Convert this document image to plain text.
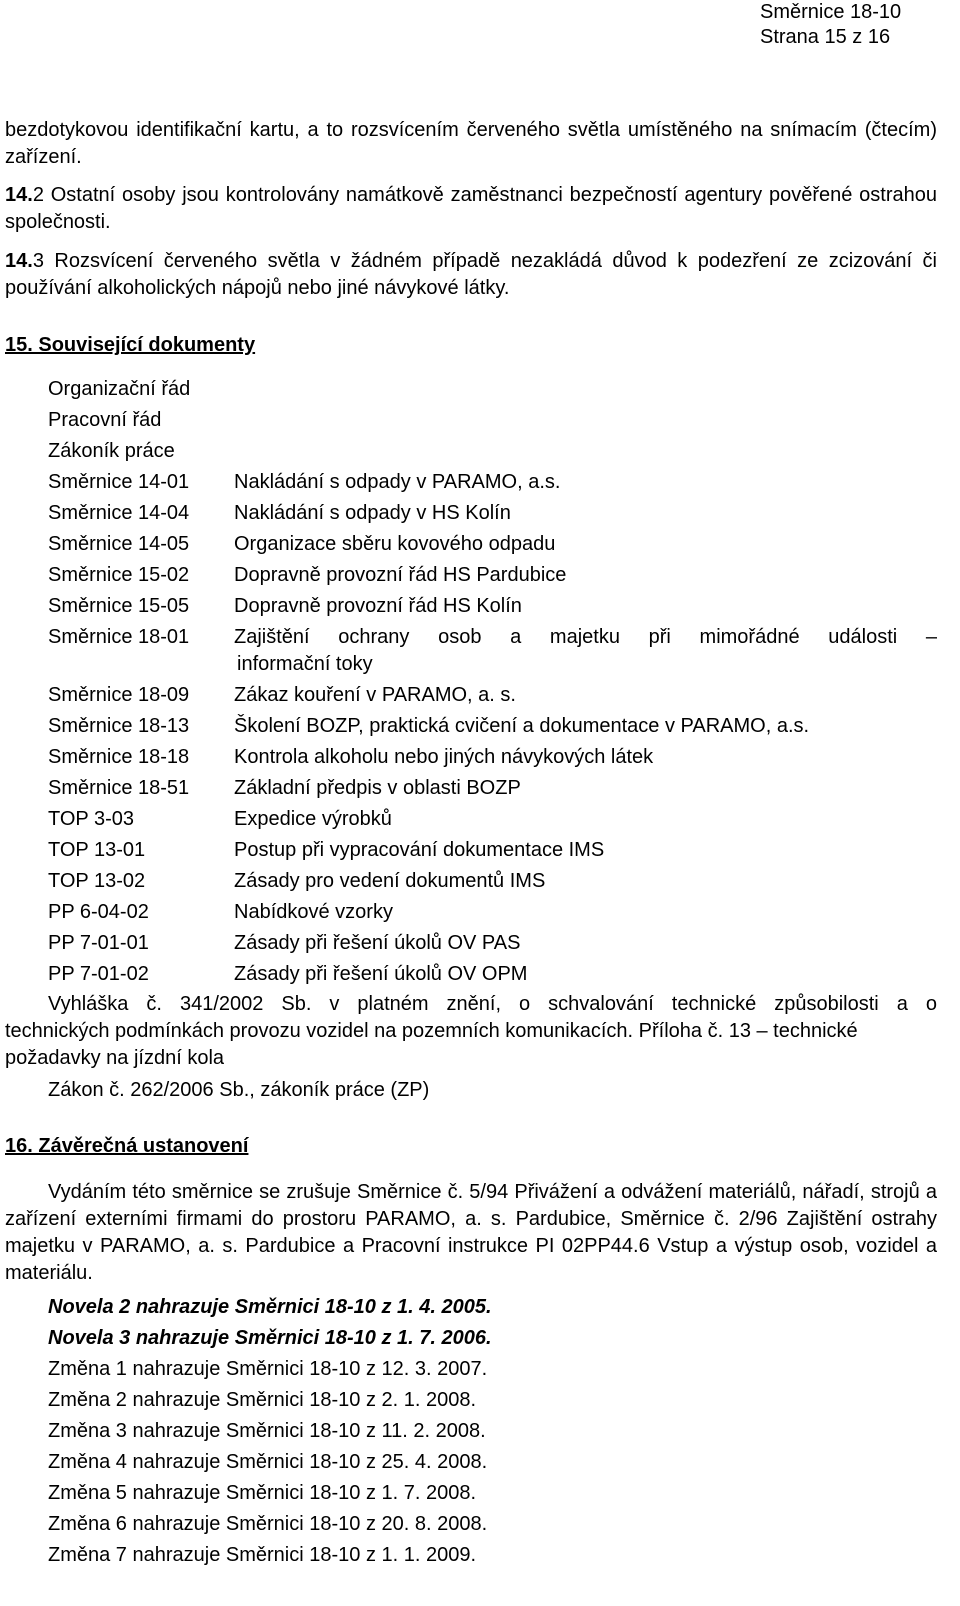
Směrnice 18-10
Strana 15 z 16

bezdotykovou identifikační kartu, a to rozsvícením červeného světla umístěného na snímacím (čtecím) zařízení.

14.2 Ostatní osoby jsou kontrolovány namátkově zaměstnanci bezpečností agentury pověřené ostrahou společnosti.

14.3 Rozsvícení červeného světla v žádném případě nezakládá důvod k podezření ze zcizování či používání alkoholických nápojů nebo jiné návykové látky.

15. Související dokumenty
Organizační řád
Pracovní řád
Zákoník práce
Směrnice 14-01 Nakládání s odpady v PARAMO, a.s.
Směrnice 14-04 Nakládání s odpady v HS Kolín
Směrnice 14-05 Organizace sběru kovového odpadu
Směrnice 15-02 Dopravně provozní řád HS Pardubice
Směrnice 15-05 Dopravně provozní řád HS Kolín
Směrnice 18-01 Zajištění ochrany osob a majetku při mimořádné události –
informační toky
Směrnice 18-09 Zákaz kouření v PARAMO, a. s.
Směrnice 18-13 Školení BOZP, praktická cvičení a dokumentace v PARAMO, a.s.
Směrnice 18-18 Kontrola alkoholu nebo jiných návykových látek
Směrnice 18-51 Základní předpis v oblasti BOZP
TOP 3-03	Expedice výrobků
TOP 13-01	Postup při vypracování dokumentace IMS
TOP 13-02	Zásady pro vedení dokumentů IMS
PP 6-04-02	Nabídkové vzorky
PP 7-01-01	Zásady při řešení úkolů OV PAS
PP 7-01-02	Zásady při řešení úkolů OV OPM
Vyhláška č. 341/2002 Sb. v platném znění, o schvalování technické způsobilosti a o
technických podmínkách provozu vozidel na pozemních komunikacích. Příloha č. 13 – technické požadavky na jízdní kola
Zákon č. 262/2006 Sb., zákoník práce (ZP)
16. Závěrečná ustanovení

Vydáním této směrnice se zrušuje Směrnice č. 5/94 Přivážení a odvážení materiálů, nářadí, strojů a zařízení externími firmami do prostoru PARAMO, a. s. Pardubice, Směrnice č. 2/96 Zajištění ostrahy majetku v PARAMO, a. s. Pardubice a Pracovní instrukce PI 02PP44.6 Vstup a výstup osob, vozidel a materiálu.

Novela 2 nahrazuje Směrnici 18-10 z 1. 4. 2005.
Novela 3 nahrazuje Směrnici 18-10 z 1. 7. 2006.
Změna 1 nahrazuje Směrnici 18-10 z 12. 3. 2007.
Změna 2 nahrazuje Směrnici 18-10 z 2. 1. 2008.
Změna 3 nahrazuje Směrnici 18-10 z 11. 2. 2008.
Změna 4 nahrazuje Směrnici 18-10 z 25. 4. 2008.
Změna 5 nahrazuje Směrnici 18-10 z 1. 7. 2008.
Změna 6 nahrazuje Směrnici 18-10 z 20. 8. 2008.
Změna 7 nahrazuje Směrnici 18-10 z 1. 1. 2009.
